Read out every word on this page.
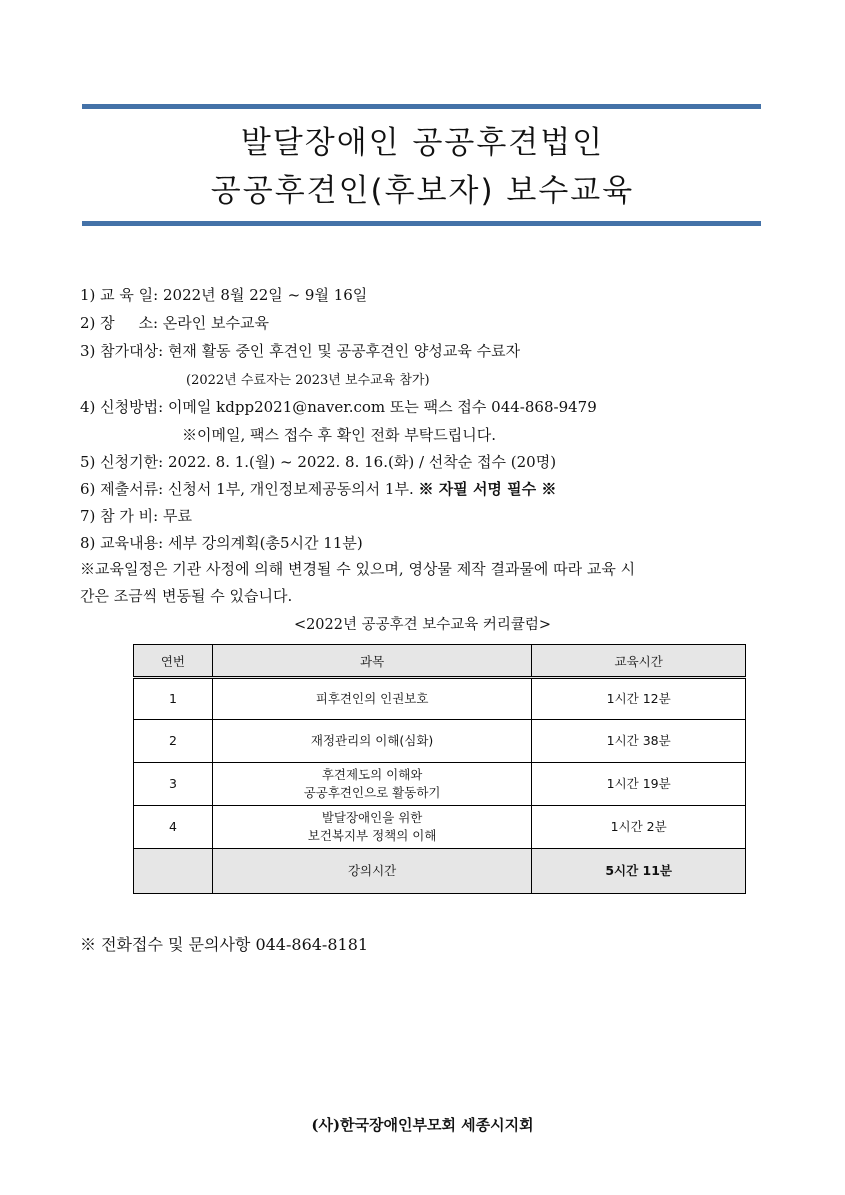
발달장애인 공공후견법인
공공후견인(후보자) 보수교육
1) 교 육 일: 2022년 8월 22일 ~ 9월 16일
2) 장     소: 온라인 보수교육
3) 참가대상: 현재 활동 중인 후견인 및 공공후견인 양성교육 수료자
(2022년 수료자는 2023년 보수교육 참가)
4) 신청방법: 이메일 kdpp2021@naver.com 또는 팩스 접수 044-868-9479
※이메일, 팩스 접수 후 확인 전화 부탁드립니다.
5) 신청기한: 2022. 8. 1.(월) ~ 2022. 8. 16.(화) / 선착순 접수 (20명)
6) 제출서류: 신청서 1부, 개인정보제공동의서 1부. ※ 자필 서명 필수 ※
7) 참 가 비: 무료
8) 교육내용: 세부 강의계획(총5시간 11분)
※교육일정은 기관 사정에 의해 변경될 수 있으며, 영상물 제작 결과물에 따라 교육 시
간은 조금씩 변동될 수 있습니다.
<2022년 공공후견 보수교육 커리큘럼>
연번	과목	교육시간
1	피후견인의 인권보호	1시간 12분
2	재정관리의 이해(심화)	1시간 38분
3	후견제도의 이해와
공공후견인으로 활동하기	1시간 19분
4	발달장애인을 위한
보건복지부 정책의 이해	1시간 2분
	강의시간	5시간 11분
※ 전화접수 및 문의사항 044-864-8181
(사)한국장애인부모회 세종시지회
